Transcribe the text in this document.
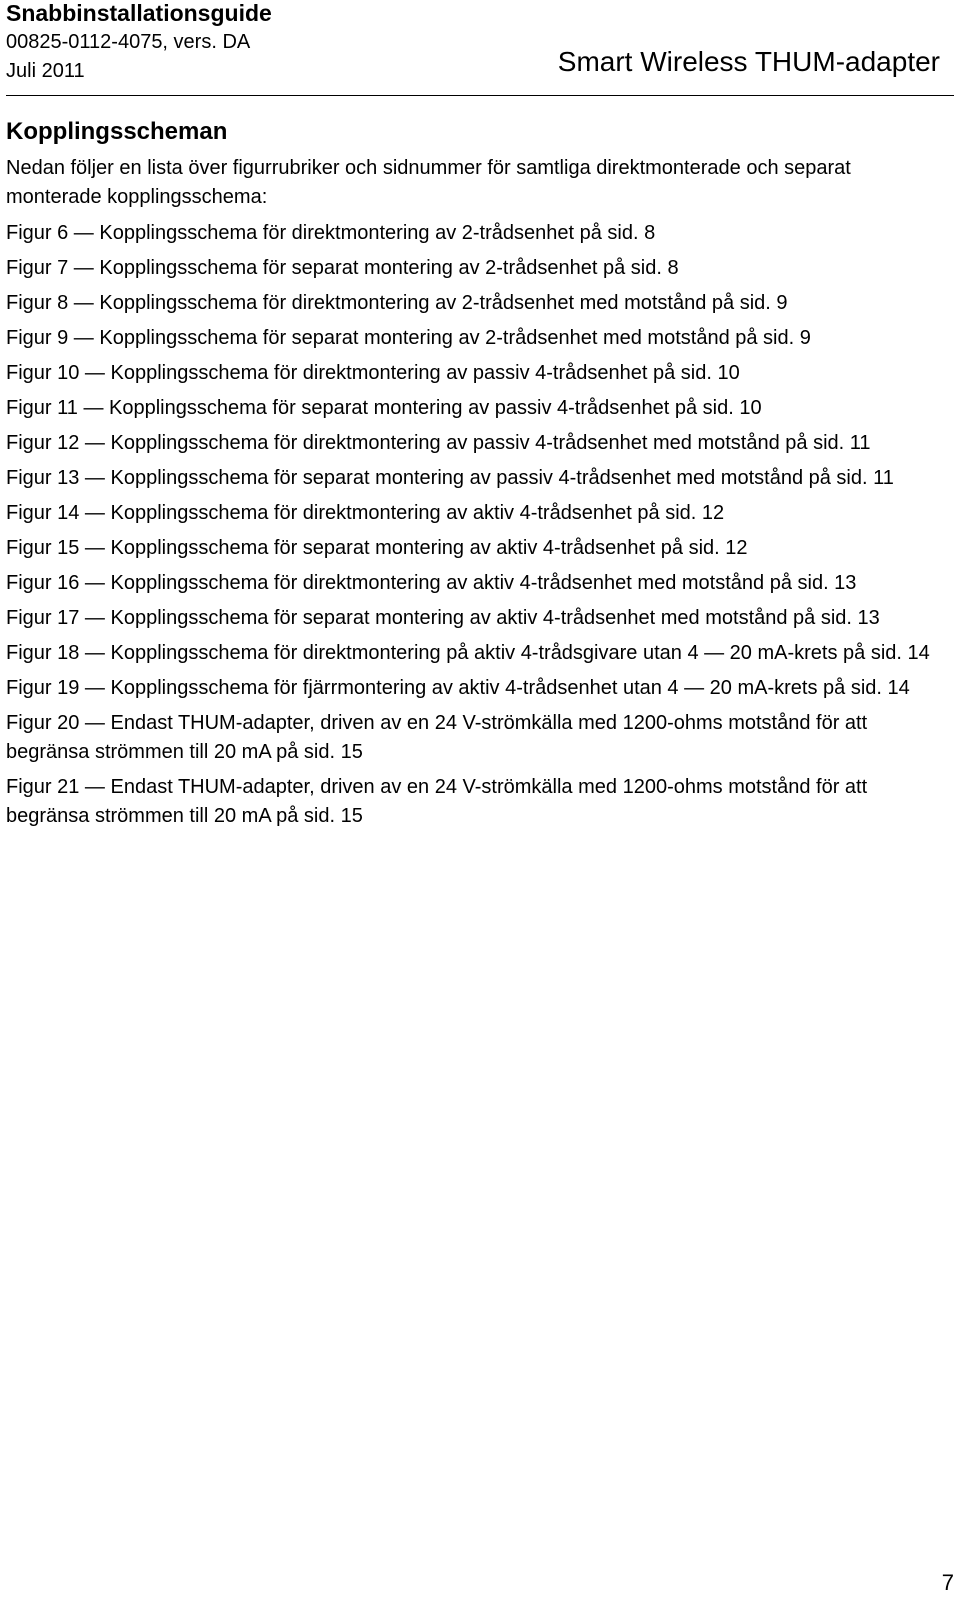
Snabbinstallationsguide
00825-0112-4075, vers. DA
Juli 2011	Smart Wireless THUM-adapter
Kopplingsscheman
Nedan följer en lista över figurrubriker och sidnummer för samtliga direktmonterade och separat monterade kopplingsschema:
Figur 6 — Kopplingsschema för direktmontering av 2-trådsenhet på sid. 8
Figur 7 — Kopplingsschema för separat montering av 2-trådsenhet på sid. 8
Figur 8 — Kopplingsschema för direktmontering av 2-trådsenhet med motstånd på sid. 9
Figur 9 — Kopplingsschema för separat montering av 2-trådsenhet med motstånd på sid. 9
Figur 10 — Kopplingsschema för direktmontering av passiv 4-trådsenhet på sid. 10
Figur 11 — Kopplingsschema för separat montering av passiv 4-trådsenhet på sid. 10
Figur 12 — Kopplingsschema för direktmontering av passiv 4-trådsenhet med motstånd på sid. 11
Figur 13 — Kopplingsschema för separat montering av passiv 4-trådsenhet med motstånd på sid. 11
Figur 14 — Kopplingsschema för direktmontering av aktiv 4-trådsenhet på sid. 12
Figur 15 — Kopplingsschema för separat montering av aktiv 4-trådsenhet på sid. 12
Figur 16 — Kopplingsschema för direktmontering av aktiv 4-trådsenhet med motstånd på sid. 13
Figur 17 — Kopplingsschema för separat montering av aktiv 4-trådsenhet med motstånd på sid. 13
Figur 18 — Kopplingsschema för direktmontering på aktiv 4-trådsgivare utan 4 — 20 mA-krets på sid. 14
Figur 19 — Kopplingsschema för fjärrmontering av aktiv 4-trådsenhet utan 4 — 20 mA-krets på sid. 14
Figur 20 — Endast THUM-adapter, driven av en 24 V-strömkälla med 1200-ohms motstånd för att begränsa strömmen till 20 mA på sid. 15
Figur 21 — Endast THUM-adapter, driven av en 24 V-strömkälla med 1200-ohms motstånd för att begränsa strömmen till 20 mA på sid. 15
7
